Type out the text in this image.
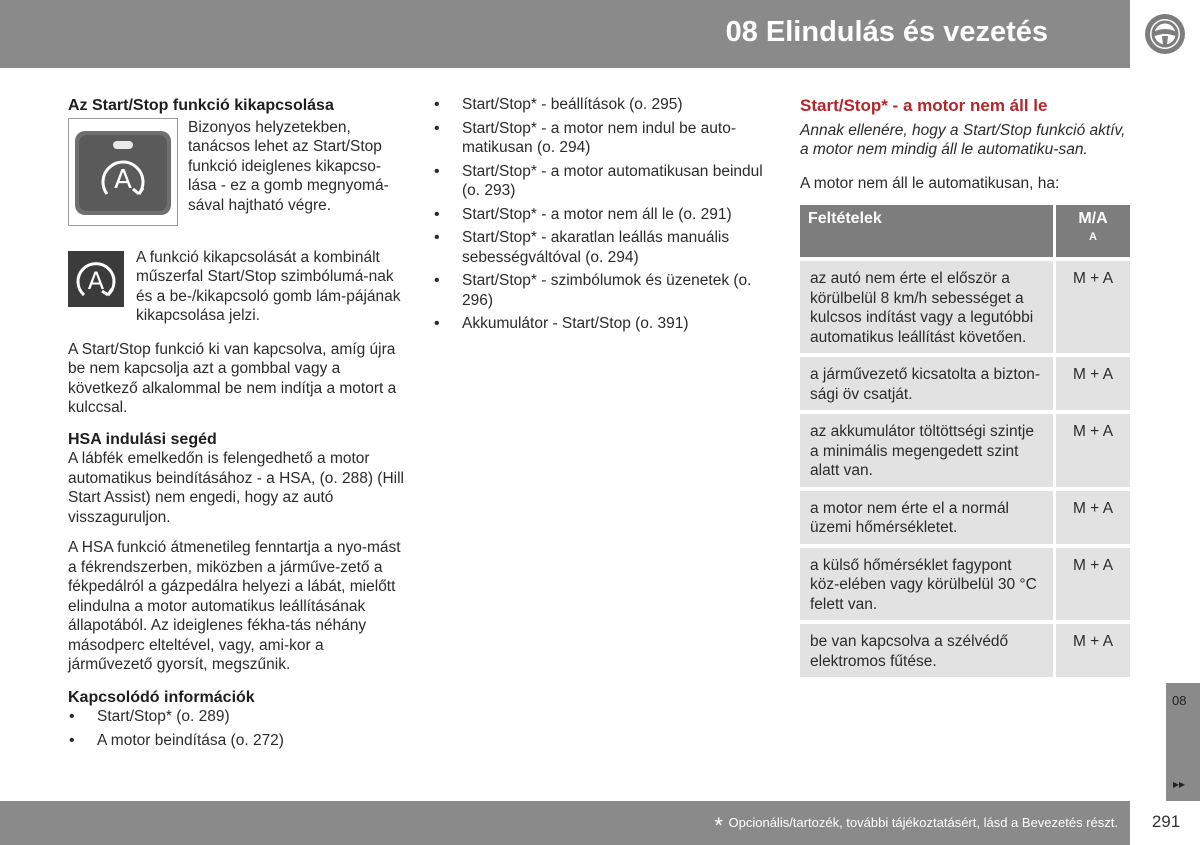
08 Elindulás és vezetés

Az Start/Stop funkció kikapcsolása

A

Bizonyos helyzetekben, tanácsos lehet az Start/Stop funkció ideiglenes kikapcso-lása - ez a gomb megnyomá-sával hajtható végre.

A

A funkció kikapcsolását a kombinált műszerfal Start/Stop szimbólumá-nak és a be-/kikapcsoló gomb lám-pájának kikapcsolása jelzi.

A Start/Stop funkció ki van kapcsolva, amíg újra be nem kapcsolja azt a gombbal vagy a következő alkalommal be nem indítja a motort a kulccsal.

HSA indulási segéd

A lábfék emelkedőn is felengedhető a motor automatikus beindításához - a HSA, (o. 288) (Hill Start Assist) nem engedi, hogy az autó visszaguruljon.

A HSA funkció átmenetileg fenntartja a nyo-mást a fékrendszerben, miközben a járműve-zető a fékpedálról a gázpedálra helyezi a lábát, mielőtt elindulna a motor automatikus leállításának állapotából. Az ideiglenes fékha-tás néhány másodperc elteltével, vagy, ami-kor a járművezető gyorsít, megszűnik.

Kapcsolódó információk

• Start/Stop* (o. 289)
• A motor beindítása (o. 272)
• Start/Stop* - beállítások (o. 295)
• Start/Stop* - a motor nem indul be auto-matikusan (o. 294)
• Start/Stop* - a motor automatikusan beindul (o. 293)
• Start/Stop* - a motor nem áll le (o. 291)
• Start/Stop* - akaratlan leállás manuális sebességváltóval (o. 294)
• Start/Stop* - szimbólumok és üzenetek (o. 296)
• Akkumulátor - Start/Stop (o. 391)

Start/Stop* - a motor nem áll le

Annak ellenére, hogy a Start/Stop funkció aktív, a motor nem mindig áll le automatiku-san.

A motor nem áll le automatikusan, ha:

Feltételek	M/A
A

az autó nem érte el először a körülbelül 8 km/h sebességet a kulcsos indítást vagy a legutóbbi automatikus leállítást követően.	M + A
a járművezető kicsatolta a bizton-sági öv csatját.	M + A
az akkumulátor töltöttségi szintje a minimális megengedett szint alatt van.	M + A
a motor nem érte el a normál üzemi hőmérsékletet.	M + A
a külső hőmérséklet fagypont köz-elében vagy körülbelül 30 °C felett van.	M + A
be van kapcsolva a szélvédő elektromos fűtése.	M + A
08
▸▸
* Opcionális/tartozék, további tájékoztatásért, lásd a Bevezetés részt.	291
